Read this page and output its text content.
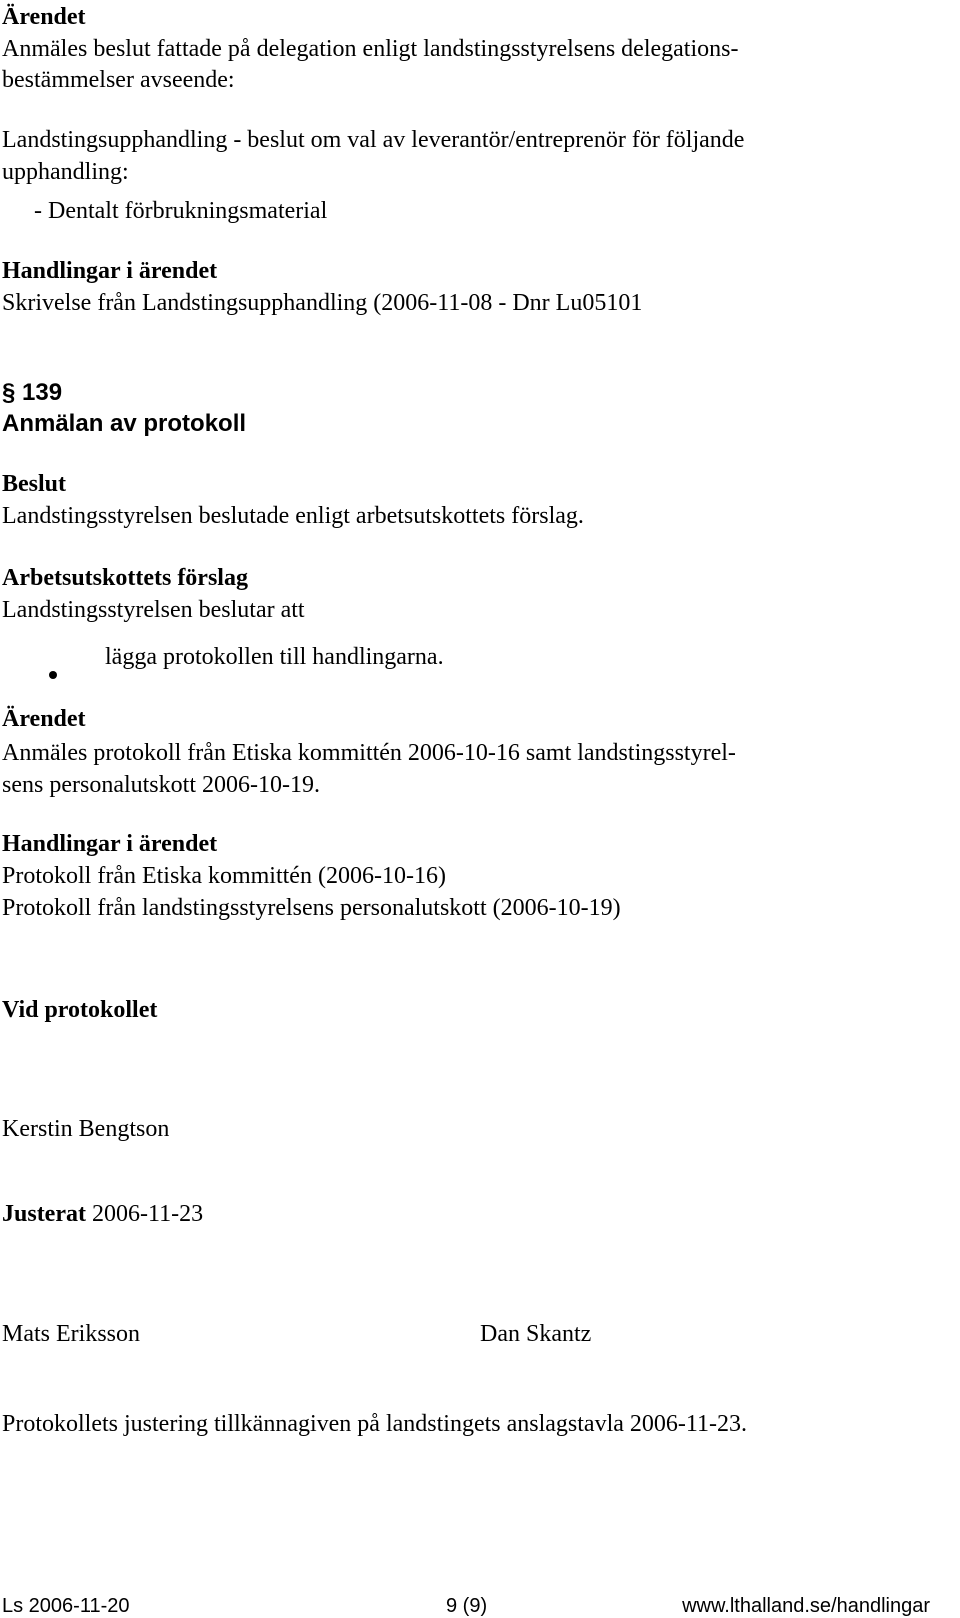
Ärendet
Anmäles beslut fattade på delegation enligt landstingsstyrelsens delegations-
bestämmelser avseende:
Landstingsupphandling - beslut om val av leverantör/entreprenör för följande
upphandling:
- Dentalt förbrukningsmaterial
Handlingar i ärendet
Skrivelse från Landstingsupphandling (2006-11-08 - Dnr Lu05101
§ 139
Anmälan av protokoll
Beslut
Landstingsstyrelsen beslutade enligt arbetsutskottets förslag.
Arbetsutskottets förslag
Landstingsstyrelsen beslutar att
lägga protokollen till handlingarna.
Ärendet
Anmäles protokoll från Etiska kommittén 2006-10-16 samt landstingsstyrel-
sens personalutskott 2006-10-19.
Handlingar i ärendet
Protokoll från Etiska kommittén (2006-10-16)
Protokoll från landstingsstyrelsens personalutskott (2006-10-19)
Vid protokollet
Kerstin Bengtson
Justerat 2006-11-23
Mats Eriksson	Dan Skantz
Protokollets justering tillkännagiven på landstingets anslagstavla 2006-11-23.
Ls 2006-11-20	9 (9)	www.lthalland.se/handlingar
